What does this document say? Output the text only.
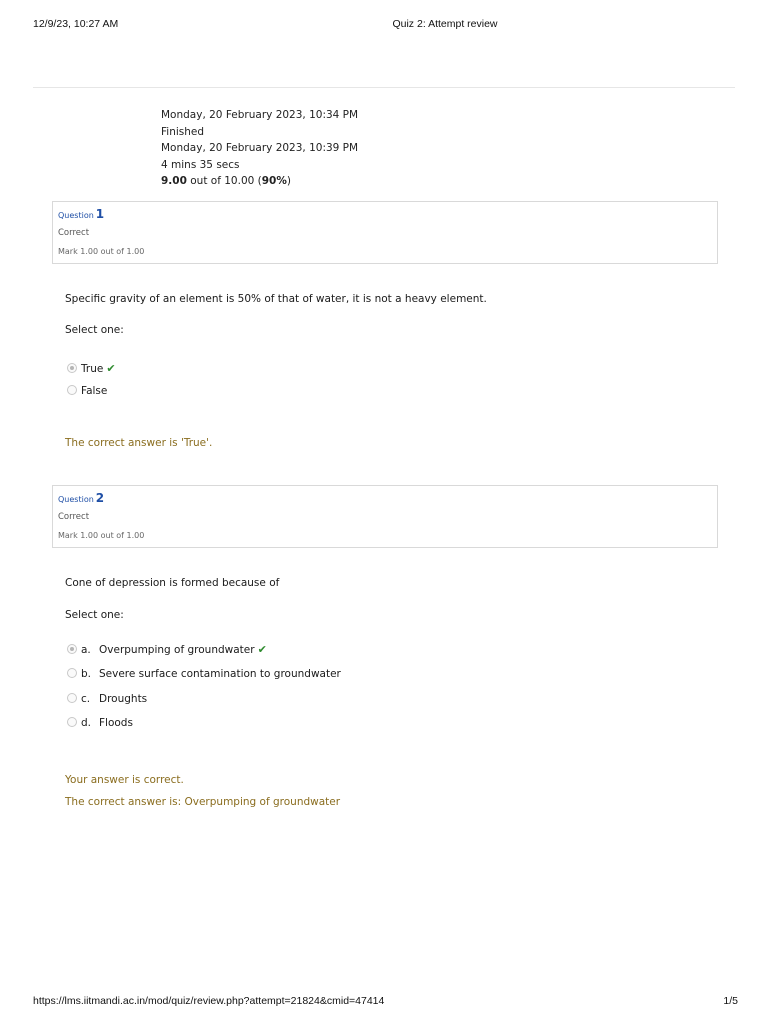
12/9/23, 10:27 AM	Quiz 2: Attempt review
Monday, 20 February 2023, 10:34 PM
Finished
Monday, 20 February 2023, 10:39 PM
4 mins 35 secs
9.00 out of 10.00 (90%)
Question 1
Correct
Mark 1.00 out of 1.00
Specific gravity of an element is 50% of that of water, it is not a heavy element.
Select one:
True ✔
False
The correct answer is 'True'.
Question 2
Correct
Mark 1.00 out of 1.00
Cone of depression is formed because of
Select one:
a. Overpumping of groundwater ✔
b. Severe surface contamination to groundwater
c. Droughts
d. Floods
Your answer is correct.
The correct answer is: Overpumping of groundwater
https://lms.iitmandi.ac.in/mod/quiz/review.php?attempt=21824&cmid=47414	1/5
